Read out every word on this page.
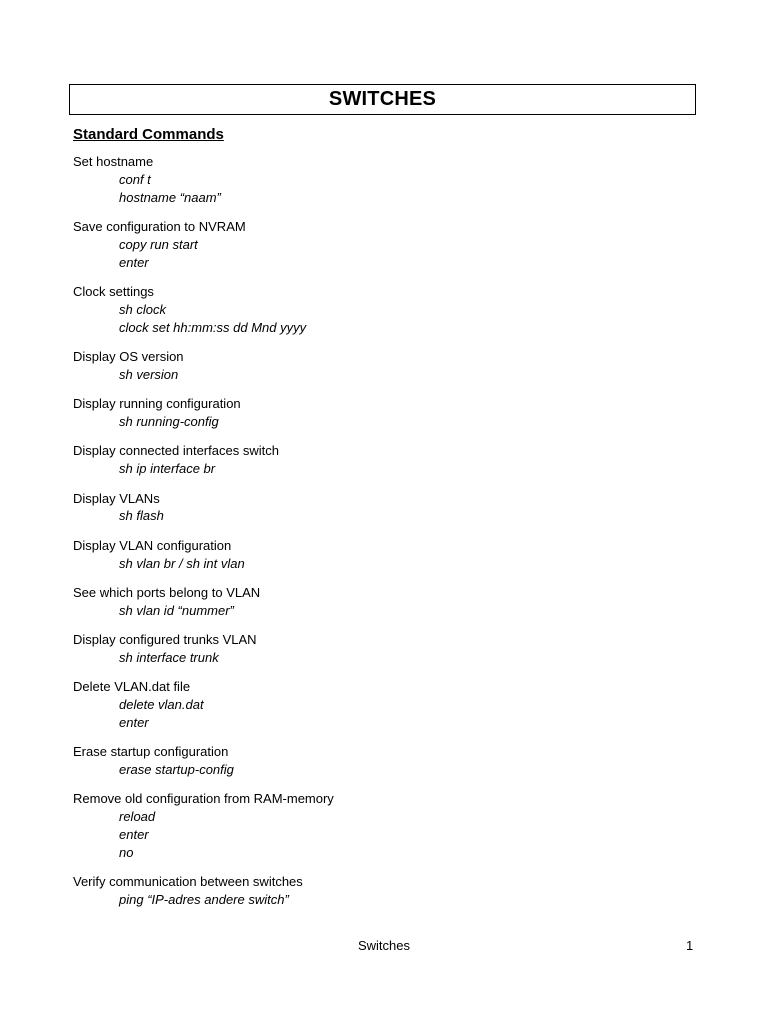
SWITCHES
Standard Commands
Set hostname
conf t
hostname “naam”
Save configuration to NVRAM
copy run start
enter
Clock settings
sh clock
clock set hh:mm:ss dd Mnd yyyy
Display OS version
sh version
Display running configuration
sh running-config
Display connected interfaces switch
sh ip interface br
Display VLANs
sh flash
Display VLAN configuration
sh vlan br / sh int vlan
See which ports belong to VLAN
sh vlan id “nummer”
Display configured trunks VLAN
sh interface trunk
Delete VLAN.dat file
delete vlan.dat
enter
Erase startup configuration
erase startup-config
Remove old configuration from RAM-memory
reload
enter
no
Verify communication between switches
ping “IP-adres andere switch”
Switches	1
